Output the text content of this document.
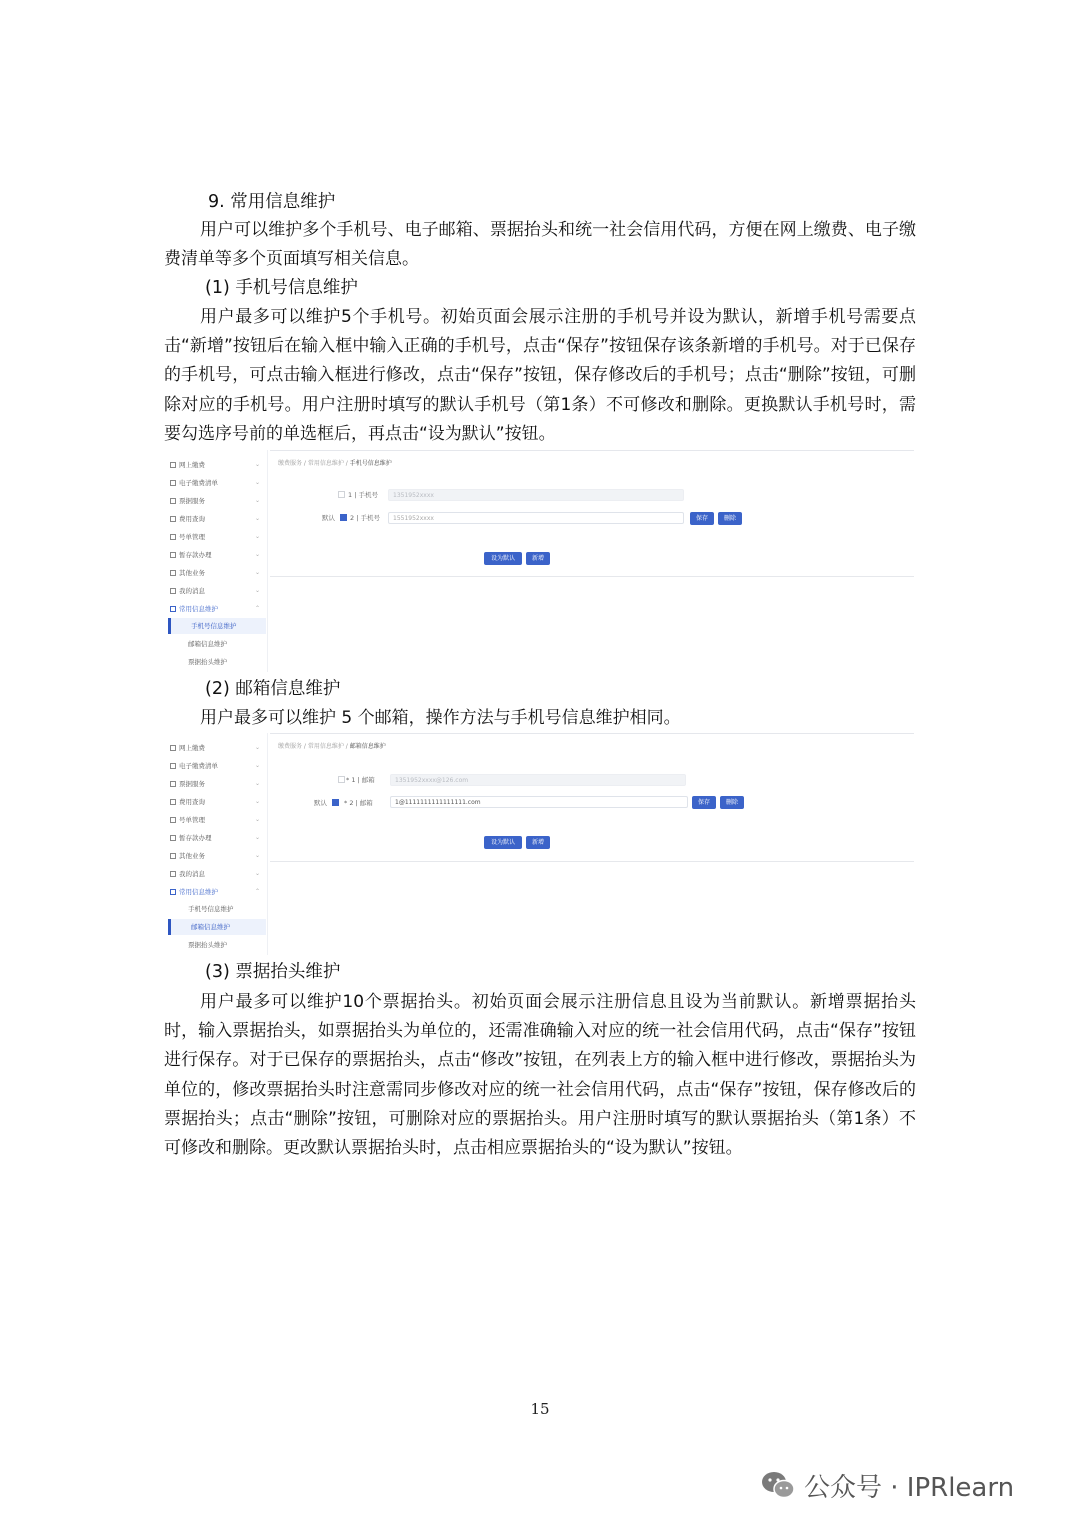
9. 常用信息维护

用户可以维护多个手机号、电子邮箱、票据抬头和统一社会信用代码，方便在网上缴费、电子缴费清单等多个页面填写相关信息。

(1) 手机号信息维护

用户最多可以维护5个手机号。初始页面会展示注册的手机号并设为默认，新增手机号需要点击“新增”按钮后在输入框中输入正确的手机号，点击“保存”按钮保存该条新增的手机号。对于已保存的手机号，可点击输入框进行修改，点击“保存”按钮，保存修改后的手机号；点击“删除”按钮，可删除对应的手机号。用户注册时填写的默认手机号（第1条）不可修改和删除。更换默认手机号时，需要勾选序号前的单选框后，再点击“设为默认”按钮。

网上缴费	⌄
电子缴费清单	⌄
票据服务	⌄
费用查询	⌄
号单管理	⌄
暂存款办理	⌄
其他业务	⌄
我的消息	⌄
常用信息维护	⌃
手机号信息维护
邮箱信息维护
票据抬头维护
缴费服务 / 常用信息维护 / 手机号信息维护
1 | 手机号	1351952xxxx
默认 2 | 手机号	1551952xxxx	保存	删除
设为默认	新增

(2) 邮箱信息维护

用户最多可以维护 5 个邮箱，操作方法与手机号信息维护相同。

网上缴费	⌄
电子缴费清单	⌄
票据服务	⌄
费用查询	⌄
号单管理	⌄
暂存款办理	⌄
其他业务	⌄
我的消息	⌄
常用信息维护	⌃
手机号信息维护
邮箱信息维护
票据抬头维护
缴费服务 / 常用信息维护 / 邮箱信息维护
* 1 | 邮箱	1351952xxxx@126.com
默认	* 2 | 邮箱	1@1111111111111111.com	保存	删除
设为默认	新增

(3) 票据抬头维护

用户最多可以维护10个票据抬头。初始页面会展示注册信息且设为当前默认。新增票据抬头时，输入票据抬头，如票据抬头为单位的，还需准确输入对应的统一社会信用代码，点击“保存”按钮进行保存。对于已保存的票据抬头，点击“修改”按钮，在列表上方的输入框中进行修改，票据抬头为单位的，修改票据抬头时注意需同步修改对应的统一社会信用代码，点击“保存”按钮，保存修改后的票据抬头；点击“删除”按钮，可删除对应的票据抬头。用户注册时填写的默认票据抬头（第1条）不可修改和删除。更改默认票据抬头时，点击相应票据抬头的“设为默认”按钮。

15
公众号 · IPRlearn
